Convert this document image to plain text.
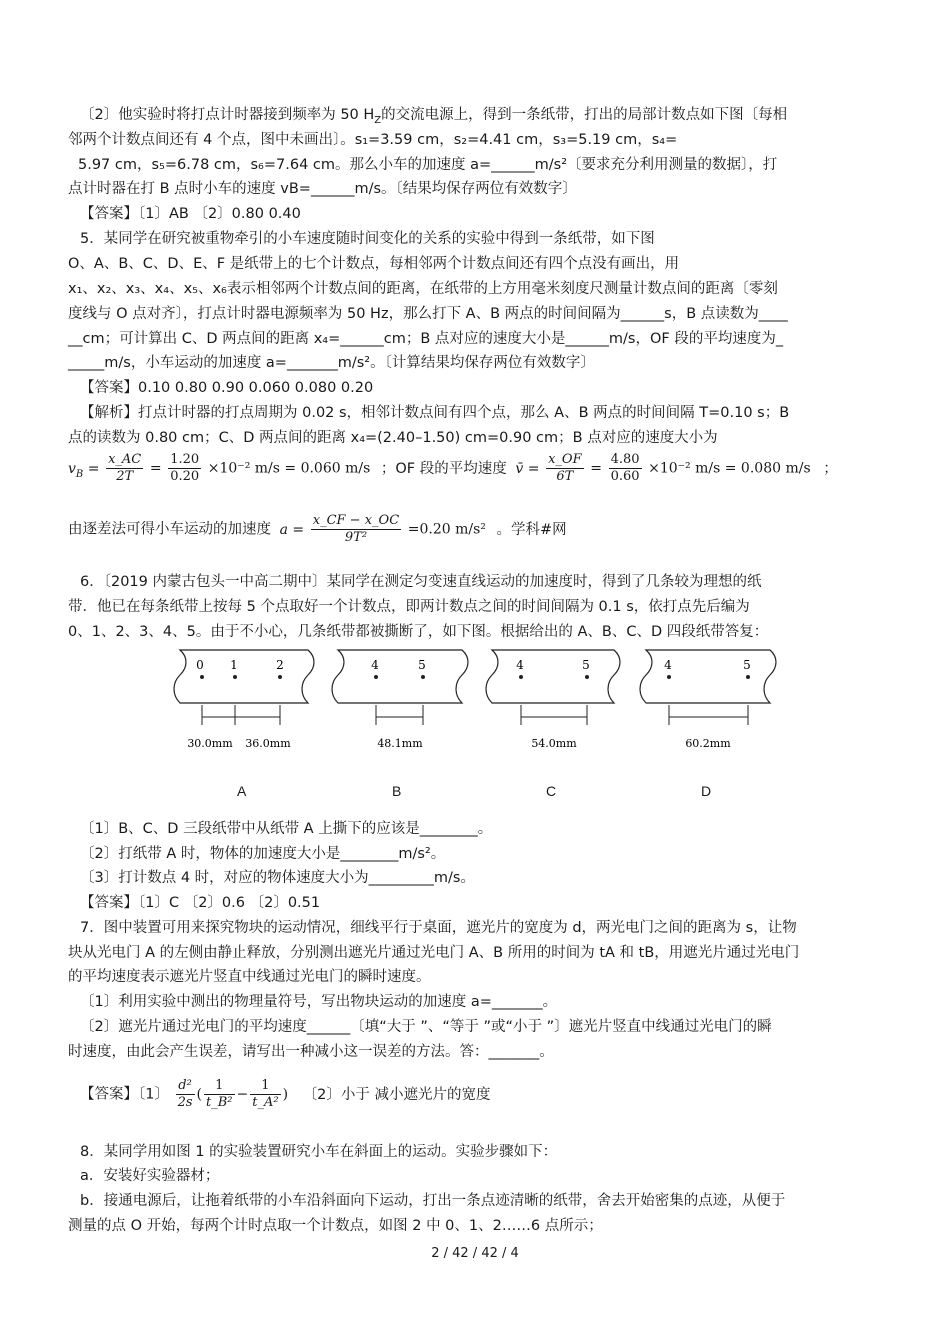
〔2〕他实验时将打点计时器接到频率为 50 $H_Z$的交流电源上，得到一条纸带，打出的局部计数点如下图〔每相
邻两个计数点间还有 4 个点，图中未画出〕。s₁=3.59 cm，s₂=4.41 cm，s₃=5.19 cm，s₄=
5.97 cm，s₅=6.78 cm，s₆=7.64 cm。那么小车的加速度 a=______m/s²〔要求充分利用测量的数据〕，打
点计时器在打 B 点时小车的速度 vB=______m/s。〔结果均保存两位有效数字〕
【答案】〔1〕AB 〔2〕0.80 0.40
5．某同学在研究被重物牵引的小车速度随时间变化的关系的实验中得到一条纸带，如下图
O、A、B、C、D、E、F 是纸带上的七个计数点，每相邻两个计数点间还有四个点没有画出，用
x₁、x₂、x₃、x₄、x₅、x₆表示相邻两个计数点间的距离，在纸带的上方用毫米刻度尺测量计数点间的距离〔零刻
度线与 O 点对齐〕，打点计时器电源频率为 50 Hz，那么打下 A、B 两点的时间间隔为______s，B 点读数为____
__cm；可计算出 C、D 两点间的距离 x₄=______cm；B 点对应的速度大小是______m/s，OF 段的平均速度为_
_____m/s，小车运动的加速度 a=_______m/s²。〔计算结果均保存两位有效数字〕
【答案】0.10 0.80 0.90 0.060 0.080 0.20
【解析】打点计时器的打点周期为 0.02 s，相邻计数点间有四个点，那么 A、B 两点的时间间隔 T=0.10 s；B
点的读数为 0.80 cm；C、D 两点间的距离 x₄=(2.40–1.50) cm=0.90 cm；B 点对应的速度大小为
$v_B = \frac{x\_AC}{2T} = \frac{1.20}{0.20} \times 10^{-2}$ m/s = 0.060 m/s ；OF 段的平均速度 v̄ = $\frac{x\_OF}{6T} = \frac{4.80}{0.60} \times 10^{-2}$ m/s = 0.080 m/s ；
由逐差法可得小车运动的加速度 $a = \frac{x\_CF - x\_OC}{\text{9T²}} =0.20$ m/s² 。学科#网
6．〔2019 内蒙古包头一中高二期中〕某同学在测定匀变速直线运动的加速度时，得到了几条较为理想的纸
带．他已在每条纸带上按每 5 个点取好一个计数点，即两计数点之间的时间间隔为 0.1 s，依打点先后编为
0、1、2、3、4、5。由于不小心，几条纸带都被撕断了，如下图。根据给出的 A、B、C、D 四段纸带答复：
0 1	2
30.0mm 36.0mm
4	5
48.1mm
4	5
54.0mm
4	5
60.2mm
A	B	C	D
〔1〕B、C、D 三段纸带中从纸带 A 上撕下的应该是________。
〔2〕打纸带 A 时，物体的加速度大小是________m/s²。
〔3〕打计数点 4 时，对应的物体速度大小为_________m/s。
【答案】〔1〕C 〔2〕0.6 〔2〕0.51
7．图中装置可用来探究物块的运动情况，细线平行于桌面，遮光片的宽度为 d，两光电门之间的距离为 s，让物
块从光电门 A 的左侧由静止释放，分别测出遮光片通过光电门 A、B 所用的时间为 tA 和 tB，用遮光片通过光电门
的平均速度表示遮光片竖直中线通过光电门的瞬时速度。
〔1〕利用实验中测出的物理量符号，写出物块运动的加速度 a=_______。
〔2〕遮光片通过光电门的平均速度______〔填“大于 ”、“等于 ”或“小于 ”〕遮光片竖直中线通过光电门的瞬
时速度，由此会产生误差，请写出一种减小这一误差的方法。答：_______。
【答案】〔1〕 $\frac{\text{d²}}{2s}$ ( $\frac{1}{\text{t\_B²}} - \frac{1}{\text{t\_A²}}$ ) 〔2〕小于 减小遮光片的宽度
8．某同学用如图 1 的实验装置研究小车在斜面上的运动。实验步骤如下：
a．安装好实验器材；
b．接通电源后，让拖着纸带的小车沿斜面向下运动，打出一条点迹清晰的纸带，舍去开始密集的点迹，从便于
测量的点 O 开始，每两个计时点取一个计数点，如图 2 中 0、1、2……6 点所示；
2 / 42 / 42 / 4
